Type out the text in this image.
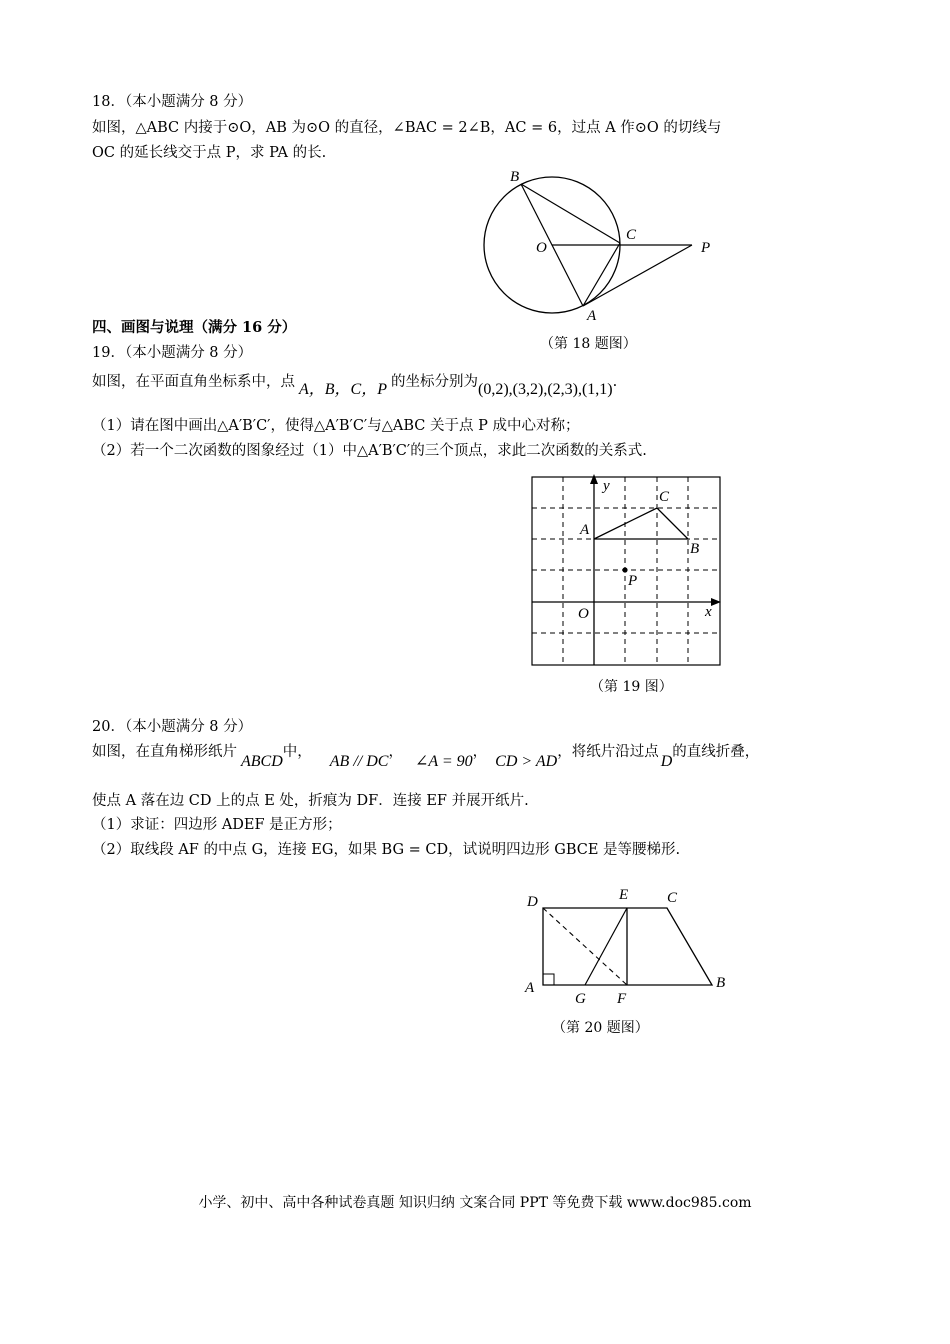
18．（本小题满分 8 分）
如图，△ABC 内接于⊙O，AB 为⊙O 的直径，∠BAC = 2∠B，AC = 6，过点 A 作⊙O 的切线与
OC 的延长线交于点 P，求 PA 的长.
B
O
C
P
A
（第 18 题图）
四、画图与说理（满分 16 分）
19．（本小题满分 8 分）
如图，在平面直角坐标系中，点 A，B，C，P 的坐标分别为(0,2),(3,2),(2,3),(1,1).
（1）请在图中画出△A′B′C′，使得△A′B′C′与△ABC 关于点 P 成中心对称；
（2）若一个二次函数的图象经过（1）中△A′B′C′的三个顶点，求此二次函数的关系式.
y
C
A
B
P
O	x
（第 19 图）
20．（本小题满分 8 分）
如图，在直角梯形纸片ABCD中，AB // DC，∠A = 90，CD > AD，将纸片沿过点D的直线折叠，
使点 A 落在边 CD 上的点 E 处，折痕为 DF．连接 EF 并展开纸片.
（1）求证：四边形 ADEF 是正方形；
（2）取线段 AF 的中点 G，连接 EG，如果 BG = CD，试说明四边形 GBCE 是等腰梯形.
D	E	C
A
G F
B
（第 20 题图）
小学、初中、高中各种试卷真题 知识归纳 文案合同 PPT 等免费下载 www.doc985.com
